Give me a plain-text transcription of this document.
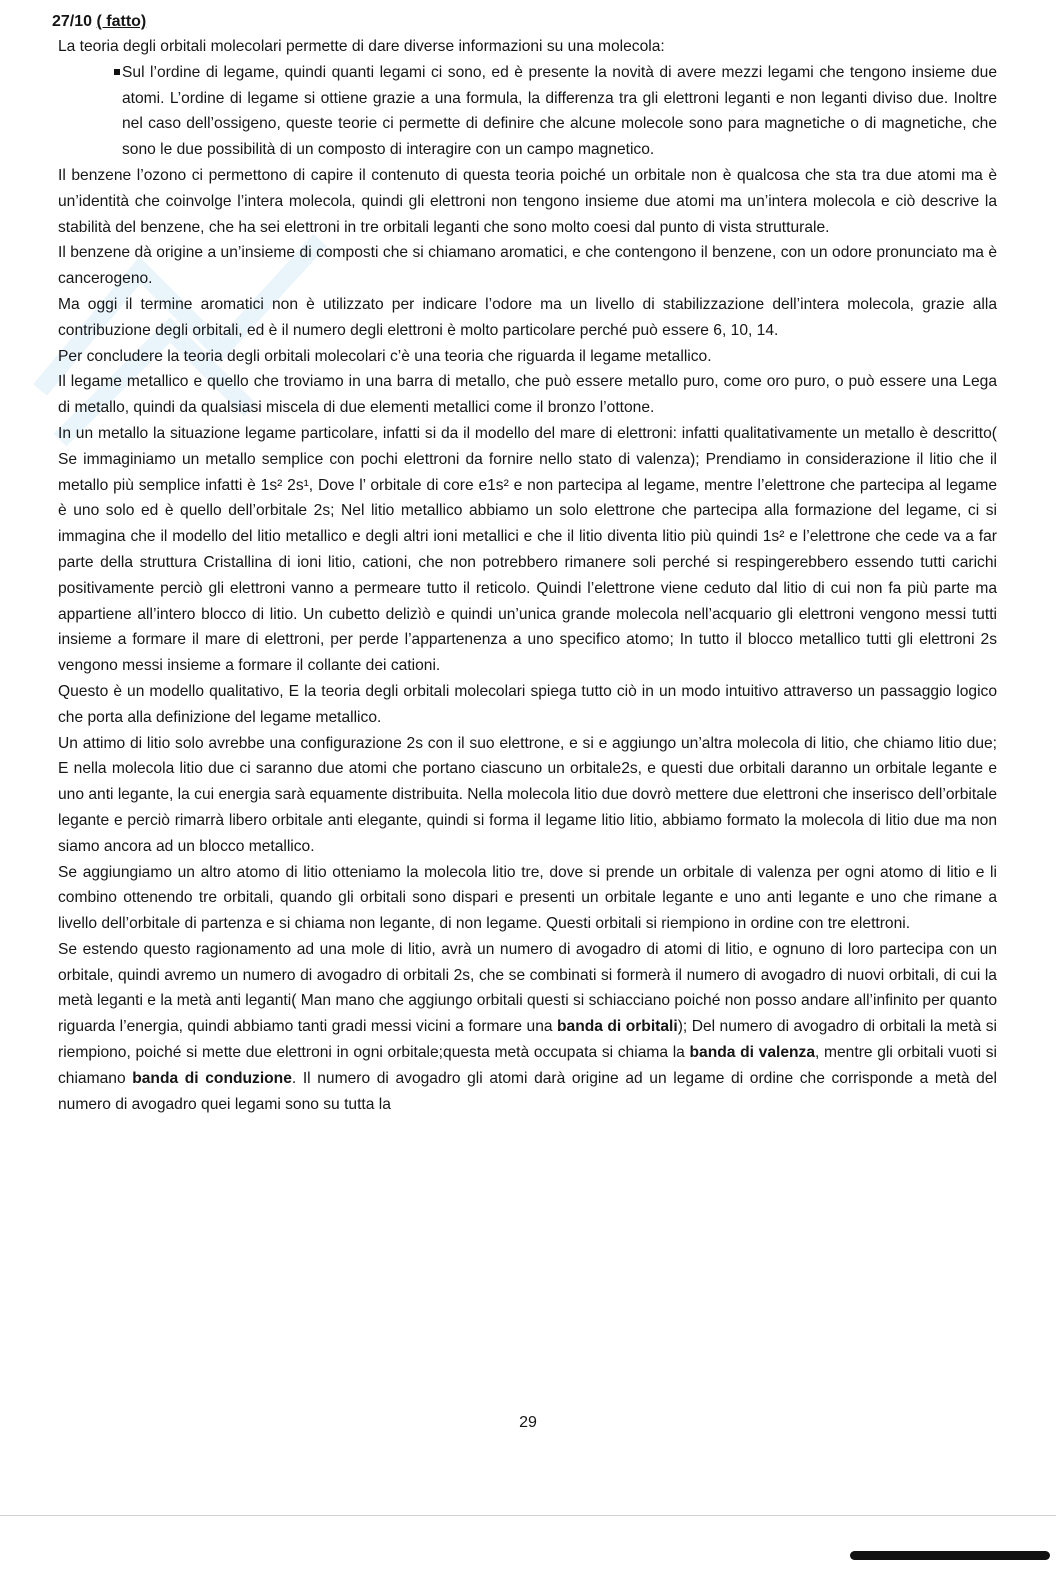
27/10 ( fatto)

La teoria degli orbitali molecolari permette di dare diverse informazioni su una molecola:

Sul l’ordine di legame, quindi quanti legami ci sono, ed è presente la novità di avere mezzi legami che tengono insieme due atomi. L’ordine di legame si ottiene grazie a una formula, la differenza tra gli elettroni leganti e non leganti diviso due. Inoltre nel caso dell’ossigeno, queste teorie ci permette di definire che alcune molecole sono para magnetiche o di magnetiche, che sono le due possibilità di un composto di interagire con un campo magnetico.

Il benzene l’ozono ci permettono di capire il contenuto di questa teoria poiché un orbitale non è qualcosa che sta tra due atomi ma è un’identità che coinvolge l’intera molecola, quindi gli elettroni non tengono insieme due atomi ma un’intera molecola e ciò descrive la stabilità del benzene, che ha sei elettroni in tre orbitali leganti che sono molto coesi dal punto di vista strutturale.

Il benzene dà origine a un’insieme di composti che si chiamano aromatici, e che contengono il benzene, con un odore pronunciato ma è cancerogeno.

Ma oggi il termine aromatici non è utilizzato per indicare l’odore ma un livello di stabilizzazione dell’intera molecola, grazie alla contribuzione degli orbitali, ed è il numero degli elettroni è molto particolare perché può essere 6, 10, 14.

Per concludere la teoria degli orbitali molecolari c’è una teoria che riguarda il legame metallico.

Il legame metallico e quello che troviamo in una barra di metallo, che può essere metallo puro, come oro puro, o può essere una Lega di metallo, quindi da qualsiasi miscela di due elementi metallici come il bronzo l’ottone.

In un metallo la situazione legame particolare, infatti si da il modello del mare di elettroni: infatti qualitativamente un metallo è descritto( Se immaginiamo un metallo semplice con pochi elettroni da fornire nello stato di valenza); Prendiamo in considerazione il litio che il metallo più semplice infatti è 1s² 2s¹, Dove l’ orbitale di core e1s² e non partecipa al legame, mentre l’elettrone che partecipa al legame è uno solo ed è quello dell’orbitale 2s; Nel litio metallico abbiamo un solo elettrone che partecipa alla formazione del legame, ci si immagina che il modello del litio metallico e degli altri ioni metallici e che il litio diventa litio più quindi 1s² e l’elettrone che cede va a far parte della struttura Cristallina di ioni litio, cationi, che non potrebbero rimanere soli perché si respingerebbero essendo tutti carichi positivamente perciò gli elettroni vanno a permeare tutto il reticolo. Quindi l’elettrone viene ceduto dal litio di cui non fa più parte ma appartiene all’intero blocco di litio. Un cubetto delizìò e quindi un’unica grande molecola nell’acquario gli elettroni vengono messi tutti insieme a formare il mare di elettroni, per perde l’appartenenza a uno specifico atomo; In tutto il blocco metallico tutti gli elettroni 2s vengono messi insieme a formare il collante dei cationi.

Questo è un modello qualitativo, E la teoria degli orbitali molecolari spiega tutto ciò in un modo intuitivo attraverso un passaggio logico che porta alla definizione del legame metallico.

Un attimo di litio solo avrebbe una configurazione 2s con il suo elettrone, e si e aggiungo un’altra molecola di litio, che chiamo litio due; E nella molecola litio due ci saranno due atomi che portano ciascuno un orbitale2s, e questi due orbitali daranno un orbitale legante e uno anti legante, la cui energia sarà equamente distribuita. Nella molecola litio due dovrò mettere due elettroni che inserisco dell’orbitale legante e perciò rimarrà libero orbitale anti elegante, quindi si forma il legame litio litio, abbiamo formato la molecola di litio due ma non siamo ancora ad un blocco metallico.

Se aggiungiamo un altro atomo di litio otteniamo la molecola litio tre, dove si prende un orbitale di valenza per ogni atomo di litio e li combino ottenendo tre orbitali, quando gli orbitali sono dispari e presenti un orbitale legante e uno anti legante e uno che rimane a livello dell’orbitale di partenza e si chiama non legante, di non legame. Questi orbitali si riempiono in ordine con tre elettroni.

Se estendo questo ragionamento ad una mole di litio, avrà un numero di avogadro di atomi di litio, e ognuno di loro partecipa con un orbitale, quindi avremo un numero di avogadro di orbitali 2s, che se combinati si formerà il numero di avogadro di nuovi orbitali, di cui la metà leganti e la metà anti leganti( Man mano che aggiungo orbitali questi si schiacciano poiché non posso andare all’infinito per quanto riguarda l’energia, quindi abbiamo tanti gradi messi vicini a formare una banda di orbitali); Del numero di avogadro di orbitali la metà si riempiono, poiché si mette due elettroni in ogni orbitale;questa metà occupata si chiama la banda di valenza, mentre gli orbitali vuoti si chiamano banda di conduzione. Il numero di avogadro gli atomi darà origine ad un legame di ordine che corrisponde a metà del numero di avogadro quei legami sono su tutta la

29
